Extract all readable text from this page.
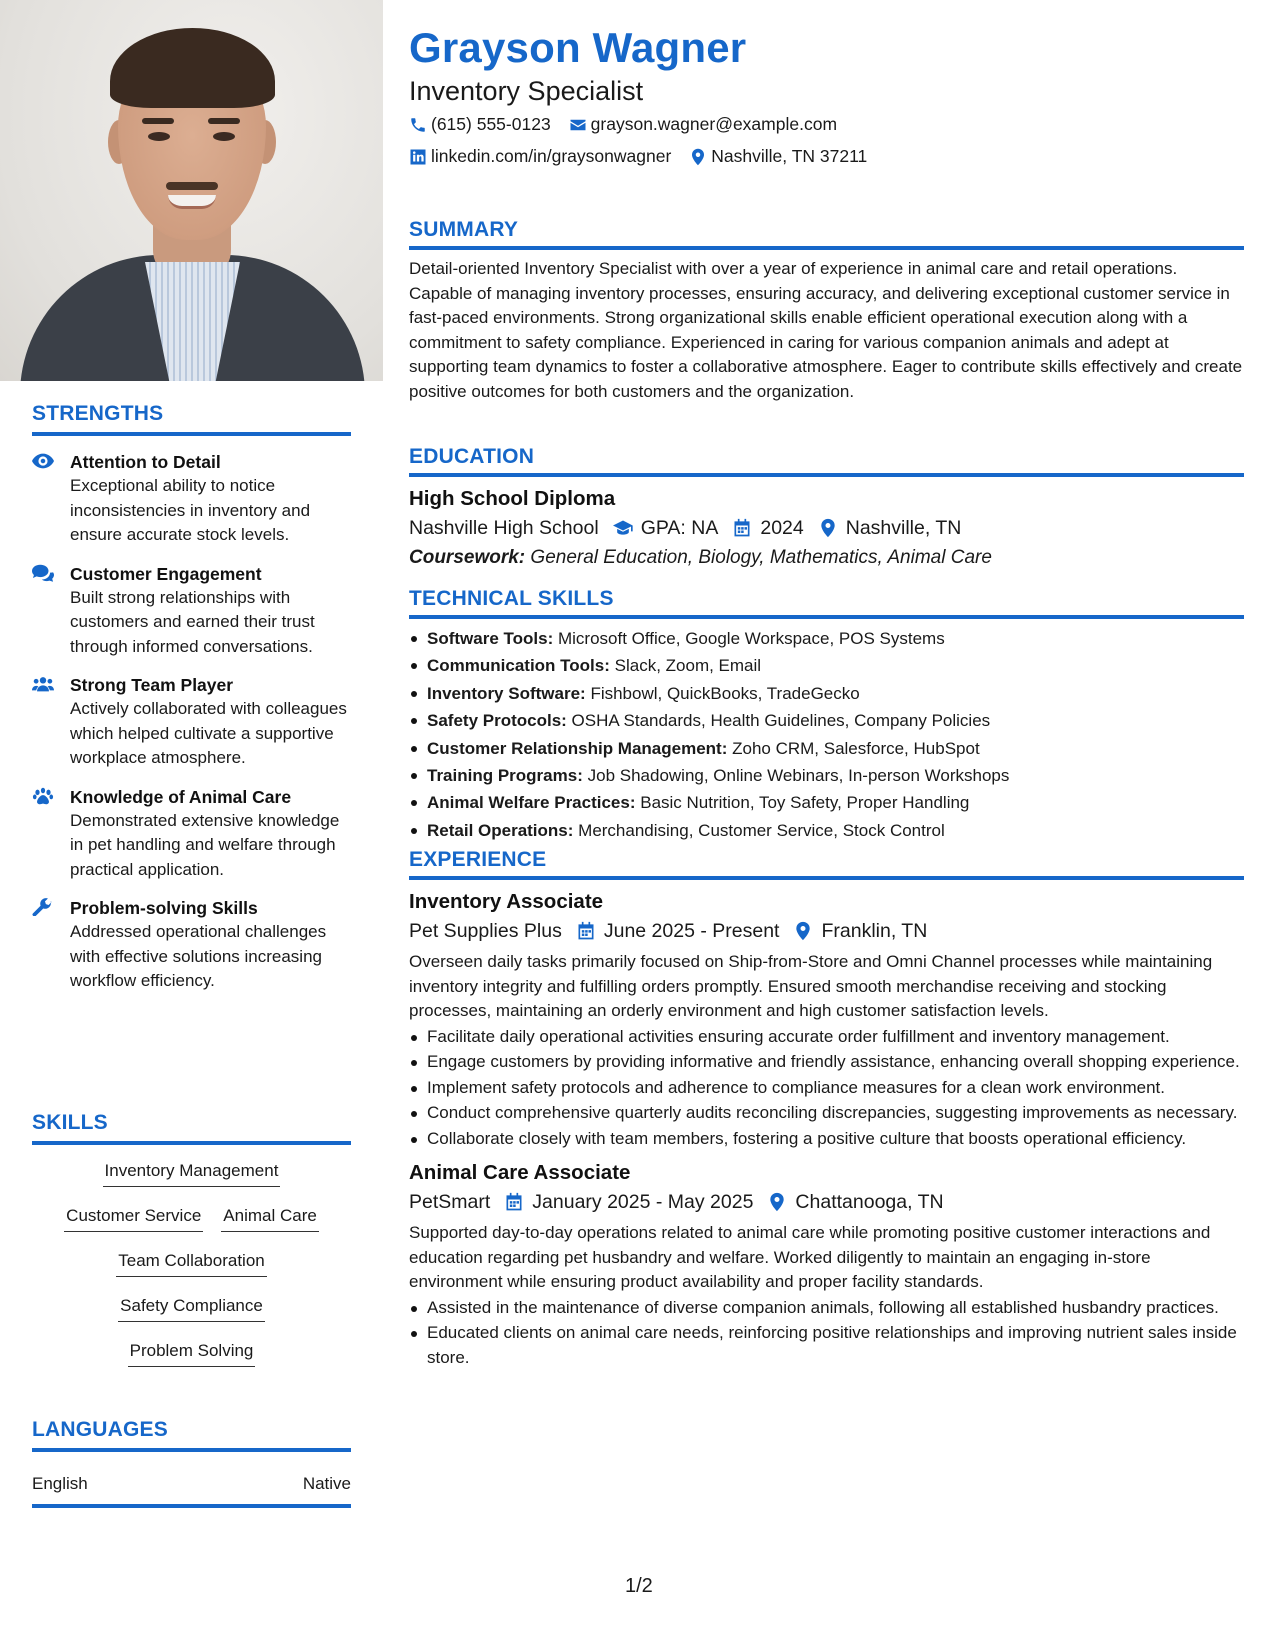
STRENGTHS
Attention to Detail
Exceptional ability to notice inconsistencies in inventory and ensure accurate stock levels.
Customer Engagement
Built strong relationships with customers and earned their trust through informed conversations.
Strong Team Player
Actively collaborated with colleagues which helped cultivate a supportive workplace atmosphere.
Knowledge of Animal Care
Demonstrated extensive knowledge in pet handling and welfare through practical application.
Problem-solving Skills
Addressed operational challenges with effective solutions increasing workflow efficiency.
SKILLS
Inventory Management
Customer Service Animal Care
Team Collaboration
Safety Compliance
Problem Solving
LANGUAGES
English	Native
Grayson Wagner
Inventory Specialist
(615) 555-0123 grayson.wagner@example.com
linkedin.com/in/graysonwagner Nashville, TN 37211
SUMMARY
Detail-oriented Inventory Specialist with over a year of experience in animal care and retail operations. Capable of managing inventory processes, ensuring accuracy, and delivering exceptional customer service in fast-paced environments. Strong organizational skills enable efficient operational execution along with a commitment to safety compliance. Experienced in caring for various companion animals and adept at supporting team dynamics to foster a collaborative atmosphere. Eager to contribute skills effectively and create positive outcomes for both customers and the organization.
EDUCATION
High School Diploma
Nashville High School GPA: NA 2024 Nashville, TN
Coursework: General Education, Biology, Mathematics, Animal Care
TECHNICAL SKILLS
Software Tools: Microsoft Office, Google Workspace, POS Systems
Communication Tools: Slack, Zoom, Email
Inventory Software: Fishbowl, QuickBooks, TradeGecko
Safety Protocols: OSHA Standards, Health Guidelines, Company Policies
Customer Relationship Management: Zoho CRM, Salesforce, HubSpot
Training Programs: Job Shadowing, Online Webinars, In-person Workshops
Animal Welfare Practices: Basic Nutrition, Toy Safety, Proper Handling
Retail Operations: Merchandising, Customer Service, Stock Control
EXPERIENCE
Inventory Associate
Pet Supplies Plus June 2025 - Present Franklin, TN
Overseen daily tasks primarily focused on Ship-from-Store and Omni Channel processes while maintaining inventory integrity and fulfilling orders promptly. Ensured smooth merchandise receiving and stocking processes, maintaining an orderly environment and high customer satisfaction levels.
Facilitate daily operational activities ensuring accurate order fulfillment and inventory management.
Engage customers by providing informative and friendly assistance, enhancing overall shopping experience.
Implement safety protocols and adherence to compliance measures for a clean work environment.
Conduct comprehensive quarterly audits reconciling discrepancies, suggesting improvements as necessary.
Collaborate closely with team members, fostering a positive culture that boosts operational efficiency.
Animal Care Associate
PetSmart January 2025 - May 2025 Chattanooga, TN
Supported day-to-day operations related to animal care while promoting positive customer interactions and education regarding pet husbandry and welfare. Worked diligently to maintain an engaging in-store environment while ensuring product availability and proper facility standards.
Assisted in the maintenance of diverse companion animals, following all established husbandry practices.
Educated clients on animal care needs, reinforcing positive relationships and improving nutrient sales inside store.
1/2
